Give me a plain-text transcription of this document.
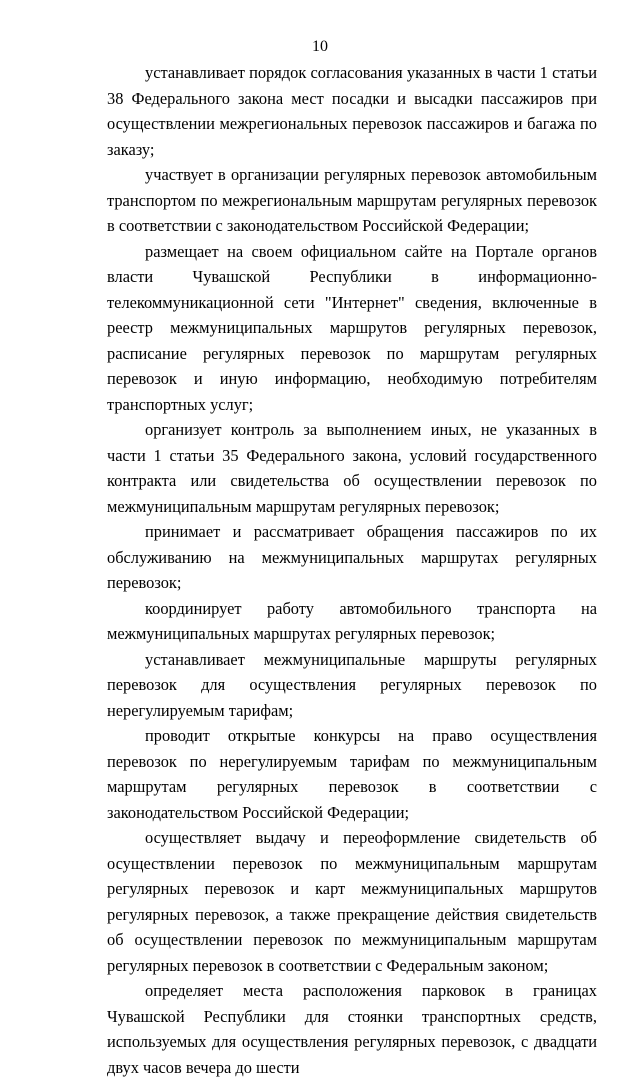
10

устанавливает порядок согласования указанных в части 1 статьи 38 Федерального закона мест посадки и высадки пассажиров при осуществлении межрегиональных перевозок пассажиров и багажа по заказу;

участвует в организации регулярных перевозок автомобильным транспортом по межрегиональным маршрутам регулярных перевозок в соответствии с законодательством Российской Федерации;

размещает на своем официальном сайте на Портале органов власти Чувашской Республики в информационно-телекоммуникационной сети "Интернет" сведения, включенные в реестр межмуниципальных маршрутов регулярных перевозок, расписание регулярных перевозок по маршрутам регулярных перевозок и иную информацию, необходимую потребителям транспортных услуг;

организует контроль за выполнением иных, не указанных в части 1 статьи 35 Федерального закона, условий государственного контракта или свидетельства об осуществлении перевозок по межмуниципальным маршрутам регулярных перевозок;

принимает и рассматривает обращения пассажиров по их обслуживанию на межмуниципальных маршрутах регулярных перевозок;

координирует работу автомобильного транспорта на межмуниципальных маршрутах регулярных перевозок;

устанавливает межмуниципальные маршруты регулярных перевозок для осуществления регулярных перевозок по нерегулируемым тарифам;

проводит открытые конкурсы на право осуществления перевозок по нерегулируемым тарифам по межмуниципальным маршрутам регулярных перевозок в соответствии с законодательством Российской Федерации;

осуществляет выдачу и переоформление свидетельств об осуществлении перевозок по межмуниципальным маршрутам регулярных перевозок и карт межмуниципальных маршрутов регулярных перевозок, а также прекращение действия свидетельств об осуществлении перевозок по межмуниципальным маршрутам регулярных перевозок в соответствии с Федеральным законом;

определяет места расположения парковок в границах Чувашской Республики для стоянки транспортных средств, используемых для осуществления регулярных перевозок, с двадцати двух часов вечера до шести
